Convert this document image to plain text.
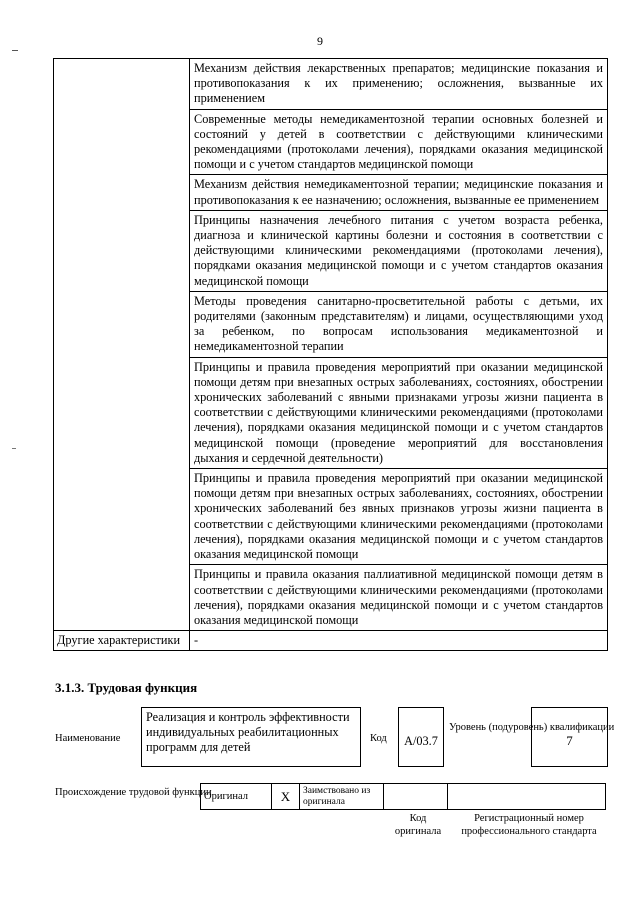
9
	Механизм действия лекарственных препаратов; медицинские показания и противопоказания к их применению; осложнения, вызванные их применением
	Современные методы немедикаментозной терапии основных болезней и состояний у детей в соответствии с действующими клиническими рекомендациями (протоколами лечения), порядками оказания медицинской помощи и с учетом стандартов медицинской помощи
	Механизм действия немедикаментозной терапии; медицинские показания и противопоказания к ее назначению; осложнения, вызванные ее применением
	Принципы назначения лечебного питания с учетом возраста ребенка, диагноза и клинической картины болезни и состояния в соответствии с действующими клиническими рекомендациями (протоколами лечения), порядками оказания медицинской помощи и с учетом стандартов оказания медицинской помощи
	Методы проведения санитарно-просветительной работы с детьми, их родителями (законным представителям) и лицами, осуществляющими уход за ребенком, по вопросам использования медикаментозной и немедикаментозной терапии
	Принципы и правила проведения мероприятий при оказании медицинской помощи детям при внезапных острых заболеваниях, состояниях, обострении хронических заболеваний с явными признаками угрозы жизни пациента в соответствии с действующими клиническими рекомендациями (протоколами лечения), порядками оказания медицинской помощи и с учетом стандартов медицинской помощи (проведение мероприятий для восстановления дыхания и сердечной деятельности)
	Принципы и правила проведения мероприятий при оказании медицинской помощи детям при внезапных острых заболеваниях, состояниях, обострении хронических заболеваний без явных признаков угрозы жизни пациента в соответствии с действующими клиническими рекомендациями (протоколами лечения), порядками оказания медицинской помощи и с учетом стандартов оказания медицинской помощи
	Принципы и правила оказания паллиативной медицинской помощи детям в соответствии с действующими клиническими рекомендациями (протоколами лечения), порядками оказания медицинской помощи и с учетом стандартов оказания медицинской помощи
Другие характеристики	-
3.1.3. Трудовая функция
Наименование
Реализация и контроль эффективности индивидуальных реабилитационных программ для детей
Код	A/03.7
Уровень (подуровень) квалификации
7
Происхождение трудовой функции
Оригинал	X	Заимствовано из оригинала		
Код оригинала
Регистрационный номер профессионального стандарта
